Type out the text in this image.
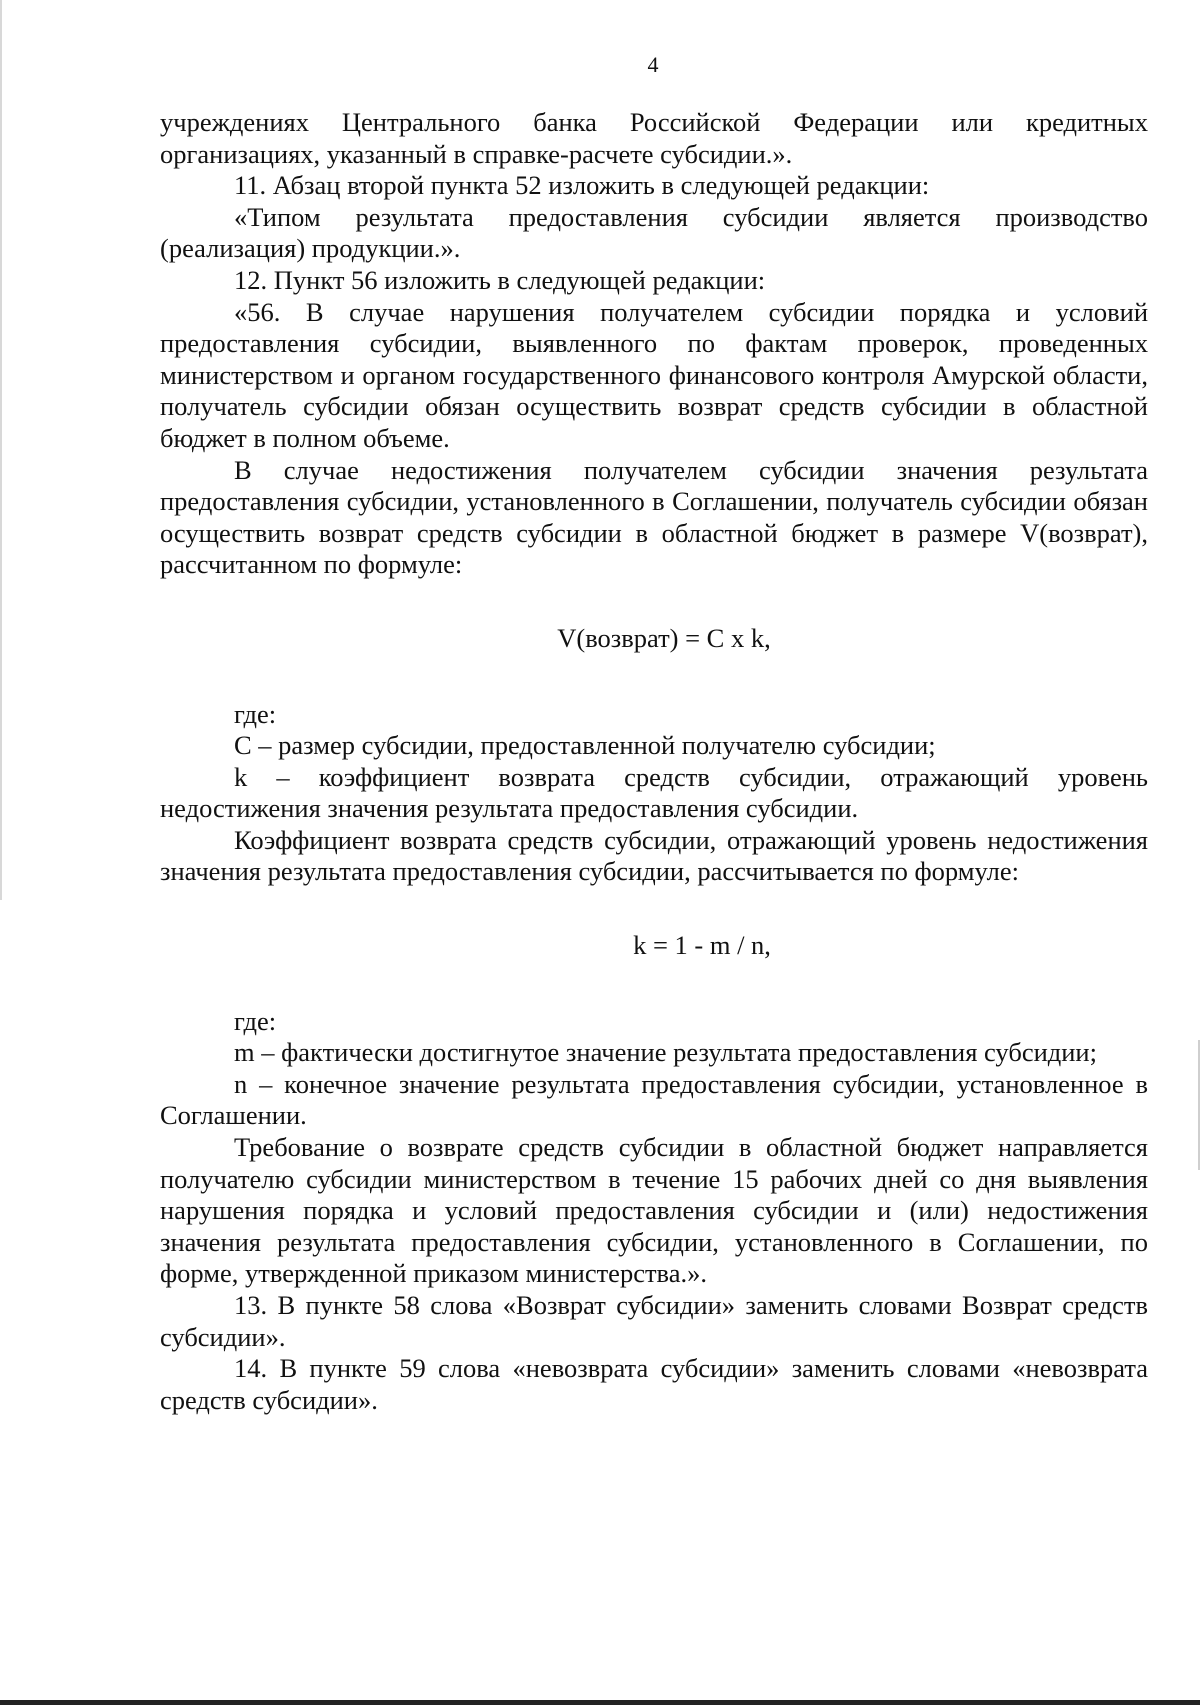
4

учреждениях Центрального банка Российской Федерации или кредитных организациях, указанный в справке-расчете субсидии.».

11. Абзац второй пункта 52 изложить в следующей редакции:

«Типом результата предоставления субсидии является производство (реализация) продукции.».

12. Пункт 56 изложить в следующей редакции:

«56. В случае нарушения получателем субсидии порядка и условий предоставления субсидии, выявленного по фактам проверок, проведенных министерством и органом государственного финансового контроля Амурской области, получатель субсидии обязан осуществить возврат средств субсидии в областной бюджет в полном объеме.

В случае недостижения получателем субсидии значения результата предоставления субсидии, установленного в Соглашении, получатель субсидии обязан осуществить возврат средств субсидии в областной бюджет в размере V(возврат), рассчитанном по формуле:

V(возврат) = C x k,

где:

C – размер субсидии, предоставленной получателю субсидии;

k – коэффициент возврата средств субсидии, отражающий уровень недостижения значения результата предоставления субсидии.

Коэффициент возврата средств субсидии, отражающий уровень недостижения значения результата предоставления субсидии, рассчитывается по формуле:

k = 1 - m / n,

где:

m – фактически достигнутое значение результата предоставления субсидии;

n – конечное значение результата предоставления субсидии, установленное в Соглашении.

Требование о возврате средств субсидии в областной бюджет направляется получателю субсидии министерством в течение 15 рабочих дней со дня выявления нарушения порядка и условий предоставления субсидии и (или) недостижения значения результата предоставления субсидии, установленного в Соглашении, по форме, утвержденной приказом министерства.».

13. В пункте 58 слова «Возврат субсидии» заменить словами Возврат средств субсидии».

14. В пункте 59 слова «невозврата субсидии» заменить словами «невозврата средств субсидии».
